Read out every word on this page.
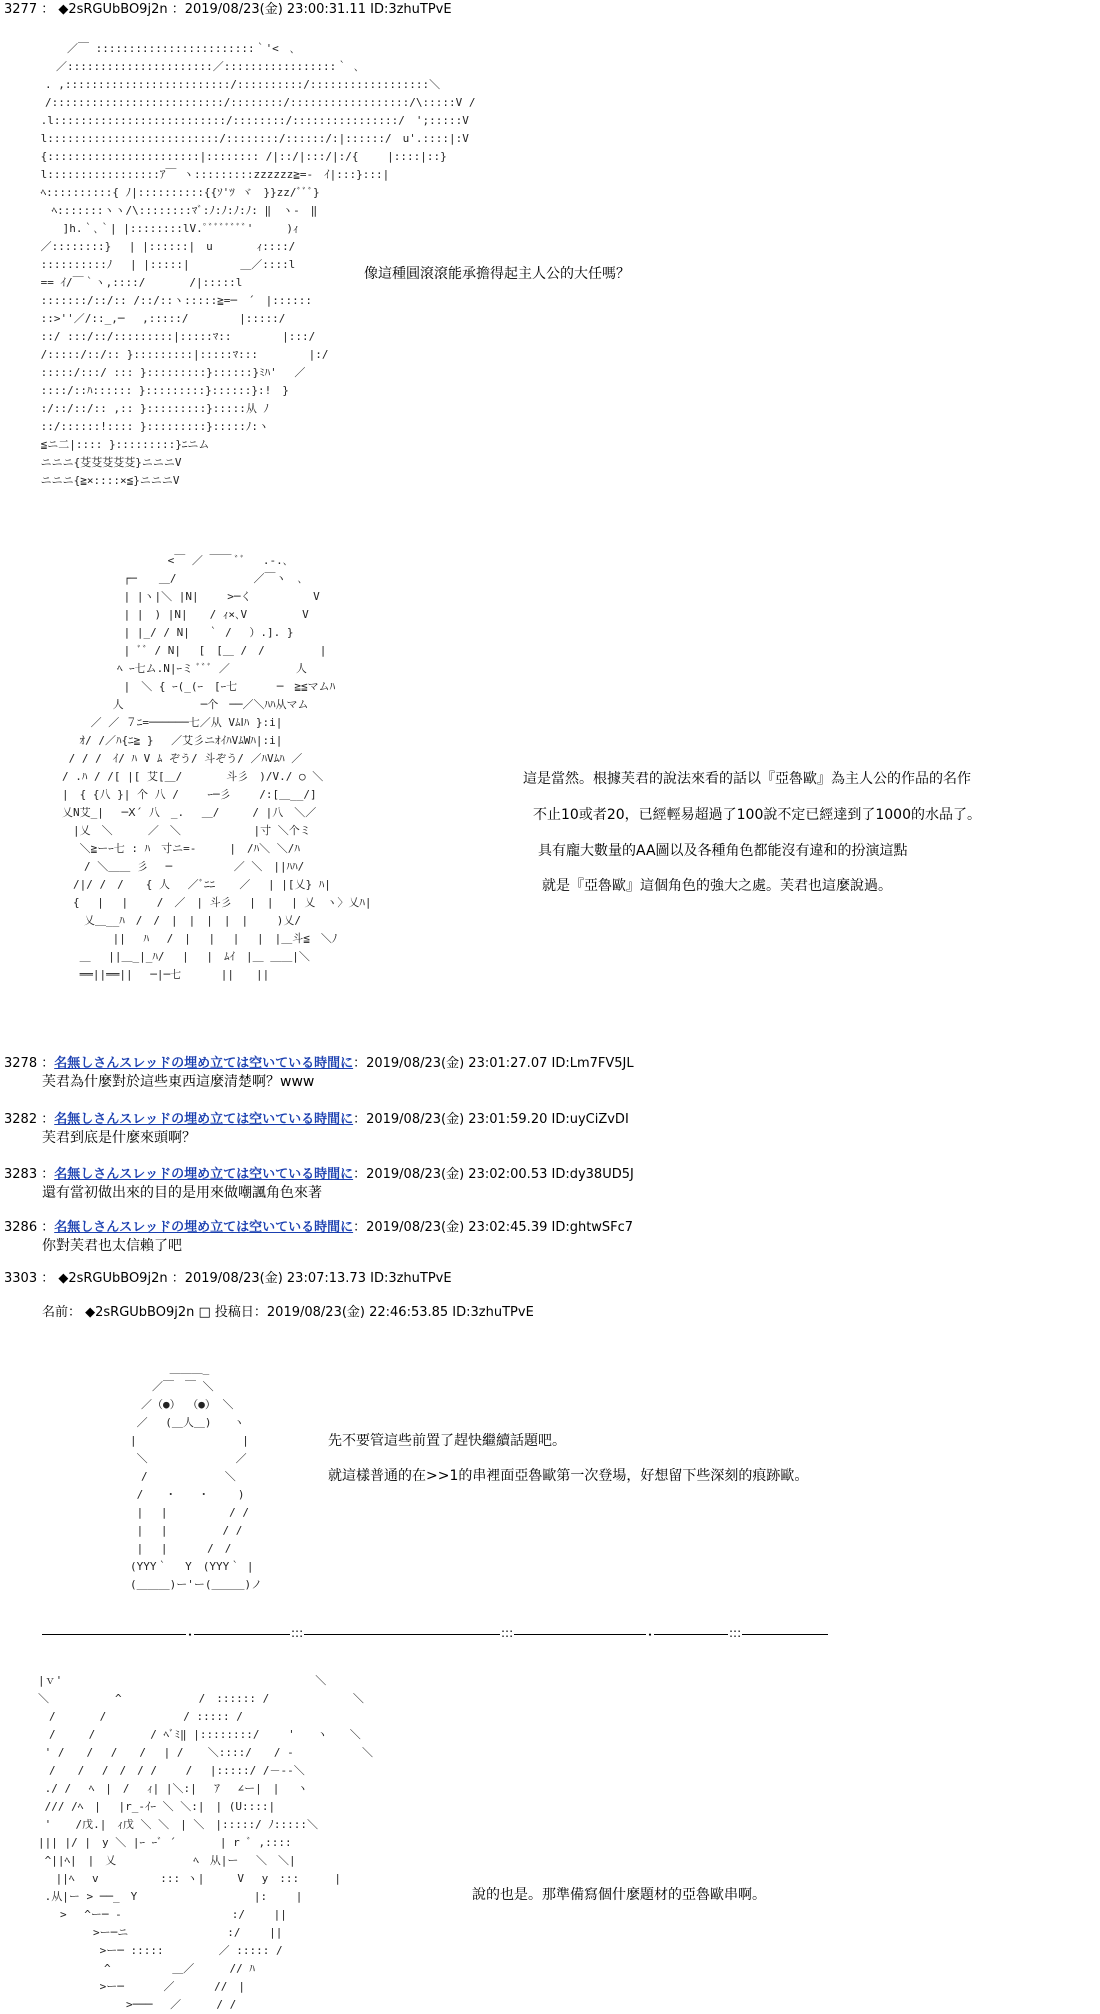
3277 ： ◆2sRGUbBO9j2n ：2019/08/23(金) 23:00:31.11 ID:3zhuTPvE
　　　／￣ ::::::::::::::::::::::::｀'<　､
　　／::::::::::::::::::::::／:::::::::::::::::｀ ､
　. ,:::::::::::::::::::::::::/::::::::::/::::::::::::::::::＼
　/::::::::::::::::::::::::::/::::::::/::::::::::::::::::/\:::::V /
.l::::::::::::::::::::::::::/::::::::/::::::::::::::::/　';:::::V
l::::::::::::::::::::::::::/::::::::/::::::/:|::::::/　u'.::::|:V
{:::::::::::::::::::::::|:::::::: /|::/|:::/|:/{　　 |::::|::}
l:::::::::::::::::ｱ￣ ヽ:::::::::zzzzzz≧=-　ｲ|:::}:::|
ﾍ::::::::::{ ﾉ|::::::::::{{ｿ'ﾂ ヾ　}}zz/ﾞﾞﾞ}
　ﾍ:::::::ヽヽ/\::::::::ﾏﾞ:ﾉ:ﾉ:ﾉ:ﾉ: ‖　ヽ-　‖
　　]h.｀､｀| |::::::::lV.ﾟﾞﾞﾞﾞﾞﾞﾞ'　　　)ｨ
／::::::::}　 | |::::::|　u　　　　ｨ::::/
::::::::::ﾉ　 | |:::::|　　　　 ＿／::::l
== ｲ/￣｀ヽ,::::/　　　　/|:::::l
:::::::/::/:: /::/::ヽ:::::≧=─　´　|::::::
::>''／/::_,─　 ,:::::/　　　　 |:::::/
::/ :::/::/:::::::::|:::::ﾏ::　　　　 |:::/
/:::::/::/:: }:::::::::|:::::ﾏ:::　　　　 |:/
:::::/:::/ ::: }:::::::::}::::::}ﾐﾊ'　 ／
::::/::ﾊ:::::: }:::::::::}::::::}:!　}
:/::/::/:: ,:: }:::::::::}:::::从 ﾉ
::/::::::!:::: }:::::::::}:::::ﾉ:ヽ
≦ニ二|:::: }:::::::::}ﾆニム
ニニニ{芟芟芟芟芟}ニニニV
ニニニ{≧×::::×≦}ニニニV
像這種圓滾滾能承擔得起主人公的大任嗎？
　　　　　　　　　　　 <￣ ／ ￣￣ ﾞﾞ　 .-.､
　　　　　　　 ┌─　　＿/　　　　　　　／￣ヽ　､
　　　　　　　 | |ヽ|＼ |N|　　 >─く　　　　　 V
　　　　　　　 | |　) |N|　　/ ｨ×､V　　　　　V
　　　　　　　 | |_/ / N|　 ｀ /　 ）.]. }
　　　　　　　 | ﾞﾞ / N|　 [　[＿ /　/　　　　　|
　　　　　　　ﾍ ｰ七ム.N|ｰミ ﾞﾞﾞ ／　　　　　　人
　　　　　　　 |　＼ { ｰ(_(ｰ　[ｰ七　　　 ─　≧≦マムﾊ
　　　　　　 人　　　　　　　─个　──／＼ﾊﾊ从マム
　　　　 ／ ／ ７ﾆ=──────七／从 VﾑⅠﾊ }:i|
　　　 ｵ/ /／ﾊ{ﾆ≧ }　 ／艾彡ニｵｲﾊVﾑWﾊ|:i|
　　 / / /　ｲ/ ﾊ V ﾑ ぞう/ 斗ぞう/ ／ﾊVﾑﾊ ／
　　/ .ﾊ / /[ |[ 艾[＿/　　　　斗彡　)/V./ ○ ＼
　　|　{ {八 }| 个 八 /　　 ｰ─彡　　 /:[＿__/]
　　乂N艾_|　 ─Ⅹ´ 八　_.　 ＿/　　　/ |八　＼／
　　　|乂　＼　 　 ／　＼　　　　　　 |寸 ＼个ミ
　　　 ＼≧ーｰ七 : ﾊ　寸ニ=-　　　|　/ﾊ＼ ＼/ﾊ
　　　　/ ＼＿＿ 彡　 ─　　　　　 ／ ＼　||ﾊﾊ/
　　　/|/ /　/　　{ 人　 ／ﾞﾆﾆ 　 ／ 　| |[乂} ﾊ|
　　　{　 |　 |　　 /　／　| 斗彡　 |　|　 | 乂　ヽ〉乂ﾊ|
　　　　乂＿__ﾊ　/　/　|　|　|　|　|　 　)乂/
　　　　　　 ||　 ﾊ　 /　|　 |　 |　 |　|＿斗≦　＼ﾉ
　　　 ＿ 　||＿_|_ﾊ/　 |　 |　ﾑｲ　|＿ ＿＿|＼
　　　 ══||══||　 ─|─七　　　 ||　　||
這是當然。根據芙君的說法來看的話以『亞魯歐』為主人公的作品的名作
不止10或者20，已經輕易超過了100說不定已經達到了1000的水品了。
具有龐大數量的AA圖以及各種角色都能沒有違和的扮演這點
就是『亞魯歐』這個角色的強大之處。芙君也這麼說過。
3278 ：名無しさんスレッドの埋め立ては空いている時間に：2019/08/23(金) 23:01:27.07 ID:Lm7FV5JL
芙君為什麼對於這些東西這麼清楚啊？www
3282 ：名無しさんスレッドの埋め立ては空いている時間に：2019/08/23(金) 23:01:59.20 ID:uyCiZvDI
芙君到底是什麼來頭啊？
3283 ：名無しさんスレッドの埋め立ては空いている時間に：2019/08/23(金) 23:02:00.53 ID:dy38UD5J
還有當初做出來的目的是用來做嘲諷角色來著
3286 ：名無しさんスレッドの埋め立ては空いている時間に：2019/08/23(金) 23:02:45.39 ID:ghtwSFc7
你對芙君也太信賴了吧
3303 ： ◆2sRGUbBO9j2n ：2019/08/23(金) 23:07:13.73 ID:3zhuTPvE
名前： ◆2sRGUbBO9j2n □ 投稿日：2019/08/23(金) 22:46:53.85 ID:3zhuTPvE
　　　　　　　 ＿＿＿_
　　　　　　／￣　￣ ＼
　　　　　／（●） （●） ＼
　　　　 ／　 (＿人＿)　　ヽ
　　　　|　　　　　　　　　 |
　　　　 ＼　　　　　　　　／
　　　　　/ 　 　 　 　 ＼
　　　　 /　　・　　・　　 )
　　　　 |　 |　　　　　 / /
　　　　 |　 |　　　　　/ /
　　　　 |　 |　　　 /　/
　　　　(YYY｀ 　Y　(YYY｀ |
　　　　(＿＿＿)ー'ー(＿＿＿)ノ
先不要管這些前置了趕快繼續話題吧。
就這樣普通的在>>1的串裡面亞魯歐第一次登場，好想留下些深刻的痕跡歐。
･	:::	:::	･	:::
|ｖ'　　　　　　　　　　　　　　　　　　　　　　　＼
＼　　　　　　^　　　　　　　/　:::::: /　　　　　　　 ＼
　/　　　　/　　　　　　　/ ::::: /
　/　　　/　　　　　/ ﾍﾞﾐ‖ |::::::::/　　 '　　ヽ　　＼
' /　　/　 /　　/ 　| / 　 ＼::::/　　/ -　　　　 　 ＼
　/　　/　 /　/　/ /　　 /　 |:::::/ /－--＼
./ /　 ﾍ　|　/　 ｨ| |＼:|　 ｱ 　∠ー|　|　 ヽ
/// /ﾍ　|　 |r_-ｲｰ ＼ ＼:|　| (U::::|
' 　 /戊.|　ｨ戊 ＼ ＼　| ＼　|:::::/ ﾉ:::::＼
||| |/ |　y ＼ |ｰ ｰﾞ ´　　　　| r ﾞ ,::::
^||ﾍ|　|　乂　　　　　　　ﾍ　从|ー　 ＼　＼|
　 ||ﾍ 　v　　　　　 ::: ヽ|　　　V　 y　::: 　　 |
.从|ー > ──_　Y　 　　　　　　　　　|:　　 |
　　> 　^ー─ -　　　　　　　　　　:/　　 ||
　　　　　>ー─ニ　　　　　　　　　:/　　 ||
　　　　　 >ー─ :::::　　　　　／ ::::: /
　　　　　　^　　　　　 ＿／ 　　 // ﾊ
　　　　　 >ー─　　　 ／　　　 //　|
　　　　　　　　>───　 ／ 　 　/ /
說的也是。那準備寫個什麼題材的亞魯歐串啊。
